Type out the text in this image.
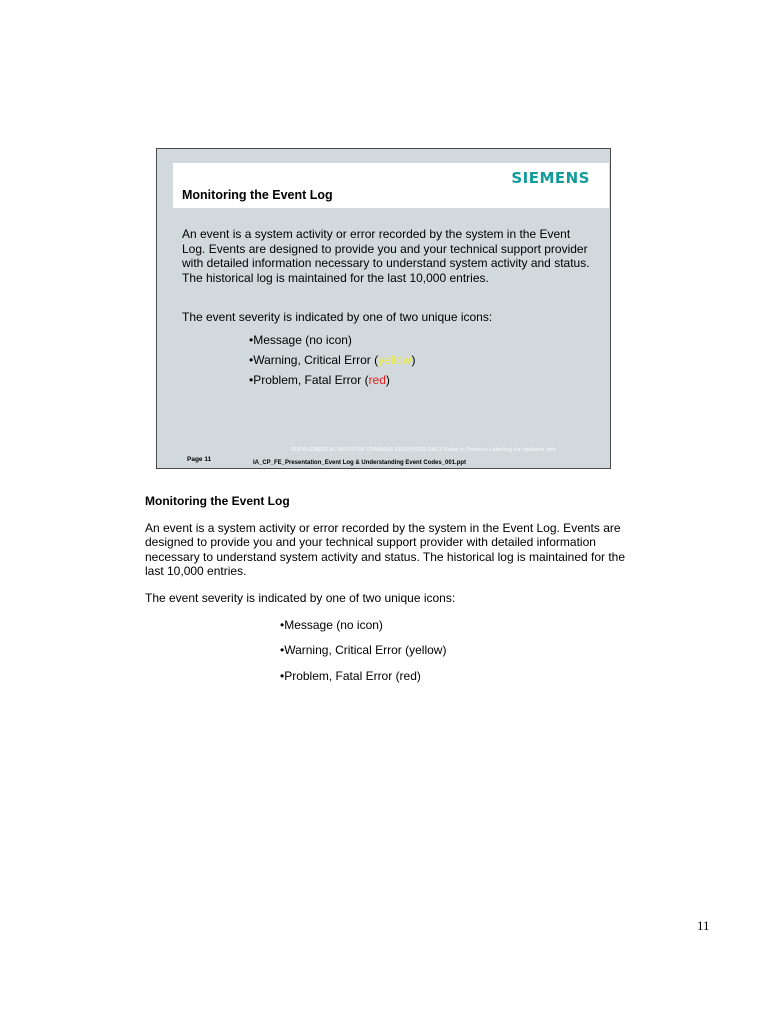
SIEMENS
Monitoring the Event Log

An event is a system activity or error recorded by the system in the Event Log. Events are designed to provide you and your technical support provider with detailed information necessary to understand system activity and status. The historical log is maintained for the last 10,000 entries.

The event severity is indicated by one of two unique icons:

•Message (no icon)
•Warning, Critical Error (yellow)
•Problem, Fatal Error (red)
SUPPLEMENTAL INFO FOR TRAINING PURPOSES ONLY Refer to Product Labeling for updated info
Page 11	IA_CP_FE_Presentation_Event Log & Understanding Event Codes_001.ppt
Monitoring the Event Log

An event is a system activity or error recorded by the system in the Event Log. Events are designed to provide you and your technical support provider with detailed information necessary to understand system activity and status. The historical log is maintained for the last 10,000 entries.

The event severity is indicated by one of two unique icons:

•Message (no icon)

•Warning, Critical Error (yellow)

•Problem, Fatal Error (red)

11
